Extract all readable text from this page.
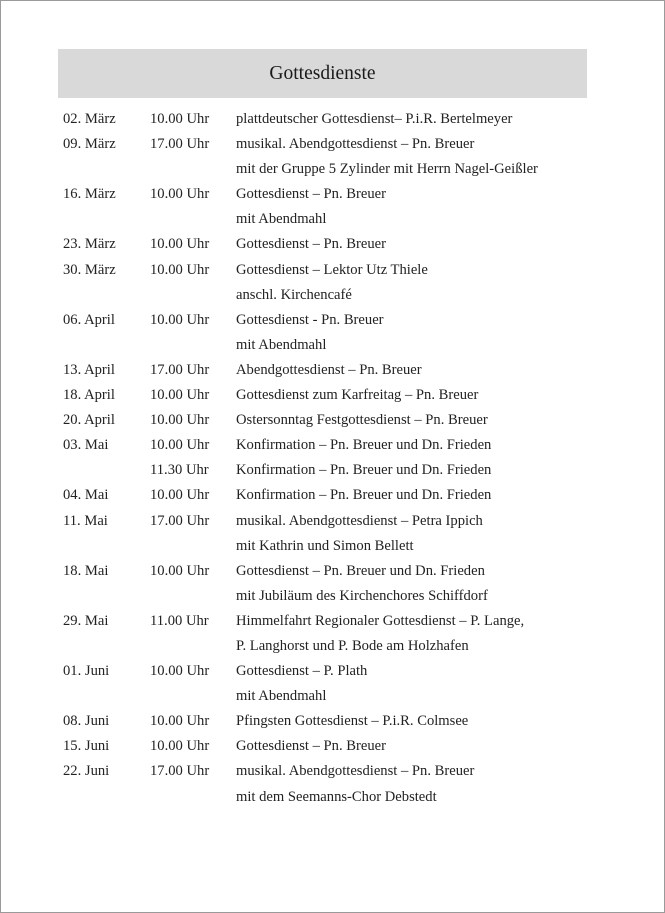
Gottesdienste
02. März 10.00 Uhr plattdeutscher Gottesdienst– P.i.R. Bertelmeyer
09. März 17.00 Uhr musikal. Abendgottesdienst – Pn. Breuer
mit der Gruppe 5 Zylinder mit Herrn Nagel-Geißler
16. März 10.00 Uhr Gottesdienst – Pn. Breuer
mit Abendmahl
23. März 10.00 Uhr Gottesdienst – Pn. Breuer
30. März 10.00 Uhr Gottesdienst – Lektor Utz Thiele
anschl. Kirchencafé
06. April 10.00 Uhr Gottesdienst - Pn. Breuer
mit Abendmahl
13. April 17.00 Uhr Abendgottesdienst – Pn. Breuer
18. April 10.00 Uhr Gottesdienst zum Karfreitag – Pn. Breuer
20. April 10.00 Uhr Ostersonntag Festgottesdienst – Pn. Breuer
03. Mai	10.00 Uhr Konfirmation – Pn. Breuer und Dn. Frieden
11.30 Uhr Konfirmation – Pn. Breuer und Dn. Frieden
04. Mai	10.00 Uhr Konfirmation – Pn. Breuer und Dn. Frieden
11. Mai	17.00 Uhr musikal. Abendgottesdienst – Petra Ippich
mit Kathrin und Simon Bellett
18. Mai	10.00 Uhr Gottesdienst – Pn. Breuer und Dn. Frieden
mit Jubiläum des Kirchenchores Schiffdorf
29. Mai	11.00 Uhr Himmelfahrt Regionaler Gottesdienst – P. Lange,
P. Langhorst und P. Bode am Holzhafen
01. Juni	10.00 Uhr Gottesdienst – P. Plath
mit Abendmahl
08. Juni	10.00 Uhr Pfingsten Gottesdienst – P.i.R. Colmsee
15. Juni	10.00 Uhr Gottesdienst – Pn. Breuer
22. Juni	17.00 Uhr musikal. Abendgottesdienst – Pn. Breuer
mit dem Seemanns-Chor Debstedt
